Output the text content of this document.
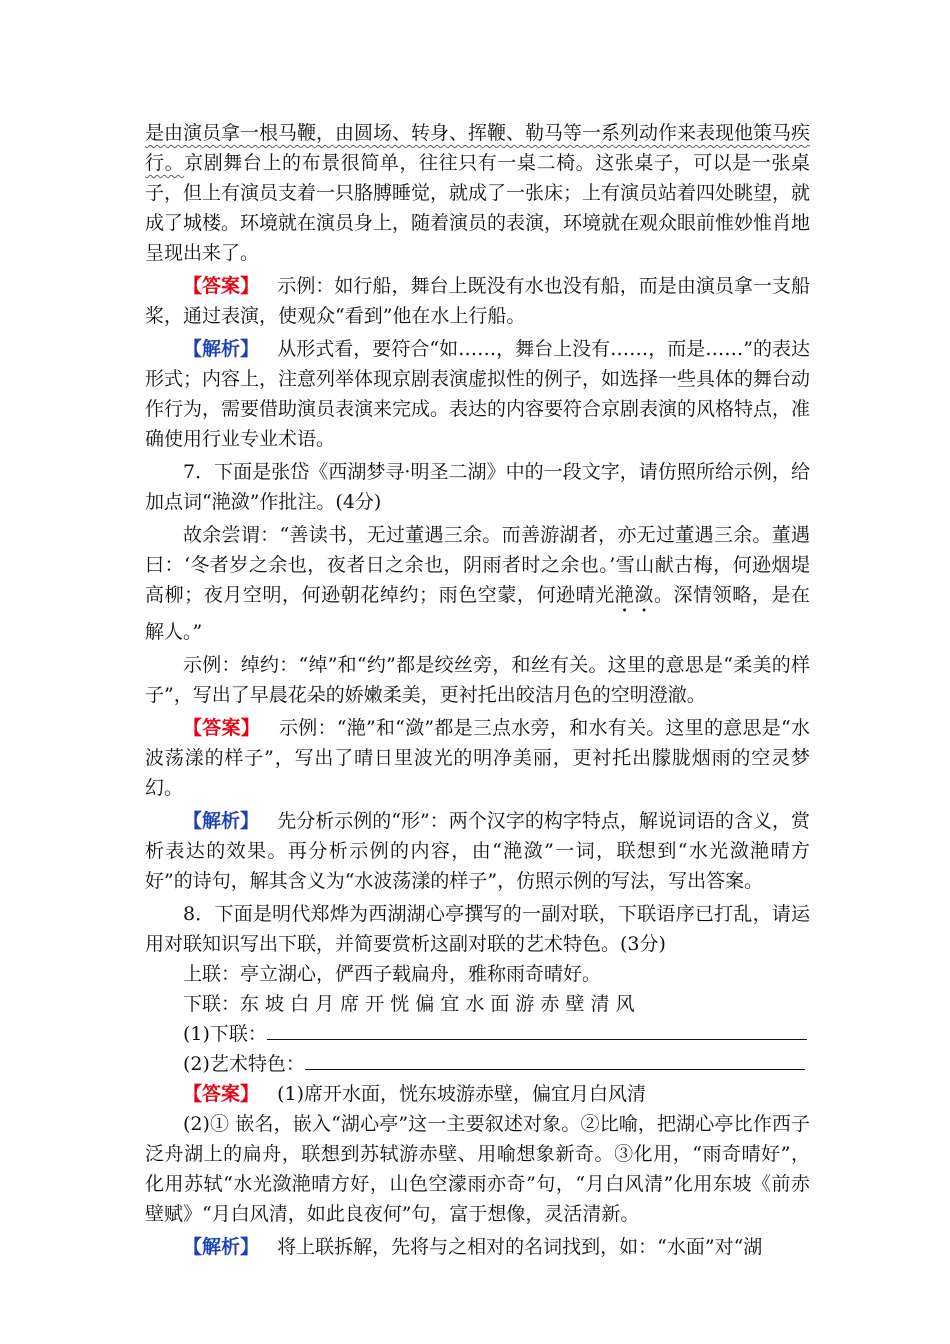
是由演员拿一根马鞭，由圆场、转身、挥鞭、勒马等一系列动作来表现他策马疾行。京剧舞台上的布景很简单，往往只有一桌二椅。这张桌子，可以是一张桌子，但上有演员支着一只胳膊睡觉，就成了一张床；上有演员站着四处眺望，就成了城楼。环境就在演员身上，随着演员的表演，环境就在观众眼前惟妙惟肖地呈现出来了。

【答案】 示例：如行船，舞台上既没有水也没有船，而是由演员拿一支船桨，通过表演，使观众“看到”他在水上行船。

【解析】 从形式看，要符合“如……，舞台上没有……，而是……”的表达形式；内容上，注意列举体现京剧表演虚拟性的例子，如选择一些具体的舞台动作行为，需要借助演员表演来完成。表达的内容要符合京剧表演的风格特点，准确使用行业专业术语。

7．下面是张岱《西湖梦寻·明圣二湖》中的一段文字，请仿照所给示例，给加点词“滟潋”作批注。(4分)

故余尝谓：“善读书，无过董遇三余。而善游湖者，亦无过董遇三余。董遇曰：‘冬者岁之余也，夜者日之余也，阴雨者时之余也。’雪山献古梅，何逊烟堤高柳；夜月空明，何逊朝花绰约；雨色空蒙，何逊晴光滟潋。深情领略，是在解人。”

示例：绰约：“绰”和“约”都是绞丝旁，和丝有关。这里的意思是“柔美的样子”，写出了早晨花朵的娇嫩柔美，更衬托出皎洁月色的空明澄澈。

【答案】 示例：“滟”和“潋”都是三点水旁，和水有关。这里的意思是“水波荡漾的样子”，写出了晴日里波光的明净美丽，更衬托出朦胧烟雨的空灵梦幻。

【解析】 先分析示例的“形”：两个汉字的构字特点，解说词语的含义，赏析表达的效果。再分析示例的内容，由“滟潋”一词，联想到“水光潋滟晴方好”的诗句，解其含义为“水波荡漾的样子”，仿照示例的写法，写出答案。

8．下面是明代郑烨为西湖湖心亭撰写的一副对联，下联语序已打乱，请运用对联知识写出下联，并简要赏析这副对联的艺术特色。(3分)

上联：亭立湖心，俨西子载扁舟，雅称雨奇晴好。

下联：东 坡 白 月 席 开 恍 偏 宜 水 面 游 赤 壁 清 风

(1)下联：

(2)艺术特色：

【答案】 (1)席开水面，恍东坡游赤壁，偏宜月白风清

(2)① 嵌名，嵌入“湖心亭”这一主要叙述对象。②比喻，把湖心亭比作西子泛舟湖上的扁舟，联想到苏轼游赤壁、用喻想象新奇。③化用，“雨奇晴好”，化用苏轼“水光潋滟晴方好，山色空濛雨亦奇”句，“月白风清”化用东坡《前赤壁赋》“月白风清，如此良夜何”句，富于想像，灵活清新。

【解析】 将上联拆解，先将与之相对的名词找到，如：“水面”对“湖
